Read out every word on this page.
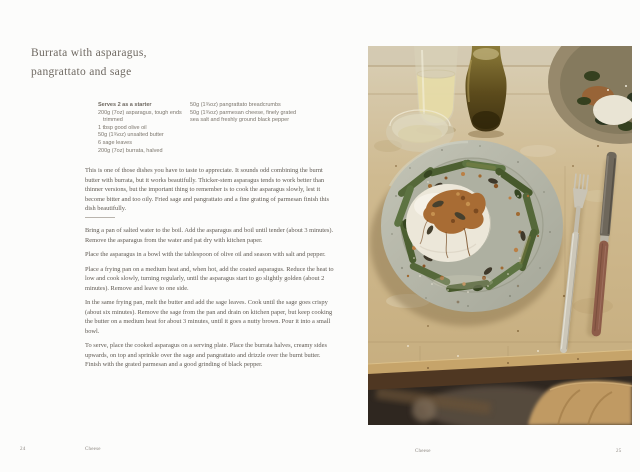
Burrata with asparagus,
pangrattato and sage
Serves 2 as a starter
200g (7oz) asparagus, tough ends trimmed
1 tbsp good olive oil
50g (1¾oz) unsalted butter
6 sage leaves
200g (7oz) burrata, halved
50g (1¾oz) pangrattato breadcrumbs
50g (1¾oz) parmesan cheese, finely grated
sea salt and freshly ground black pepper
This is one of those dishes you have to taste to appreciate. It sounds odd combining the burnt butter with burrata, but it works beautifully. Thicker-stem asparagus tends to work better than thinner versions, but the important thing to remember is to cook the asparagus slowly, lest it become bitter and too oily. Fried sage and pangrattato and a fine grating of parmesan finish this dish beautifully.

Bring a pan of salted water to the boil. Add the asparagus and boil until tender (about 3 minutes). Remove the asparagus from the water and pat dry with kitchen paper.

Place the asparagus in a bowl with the tablespoon of olive oil and season with salt and pepper.

Place a frying pan on a medium heat and, when hot, add the coated asparagus. Reduce the heat to low and cook slowly, turning regularly, until the asparagus start to go slightly golden (about 2 minutes). Remove and leave to one side.

In the same frying pan, melt the butter and add the sage leaves. Cook until the sage goes crispy (about six minutes). Remove the sage from the pan and drain on kitchen paper, but keep cooking the butter on a medium heat for about 3 minutes, until it goes a nutty brown. Pour it into a small bowl.

To serve, place the cooked asparagus on a serving plate. Place the burrata halves, creamy sides upwards, on top and sprinkle over the sage and pangrattato and drizzle over the burnt butter. Finish with the grated parmesan and a good grinding of black pepper.

24	Cheese	Cheese	25
